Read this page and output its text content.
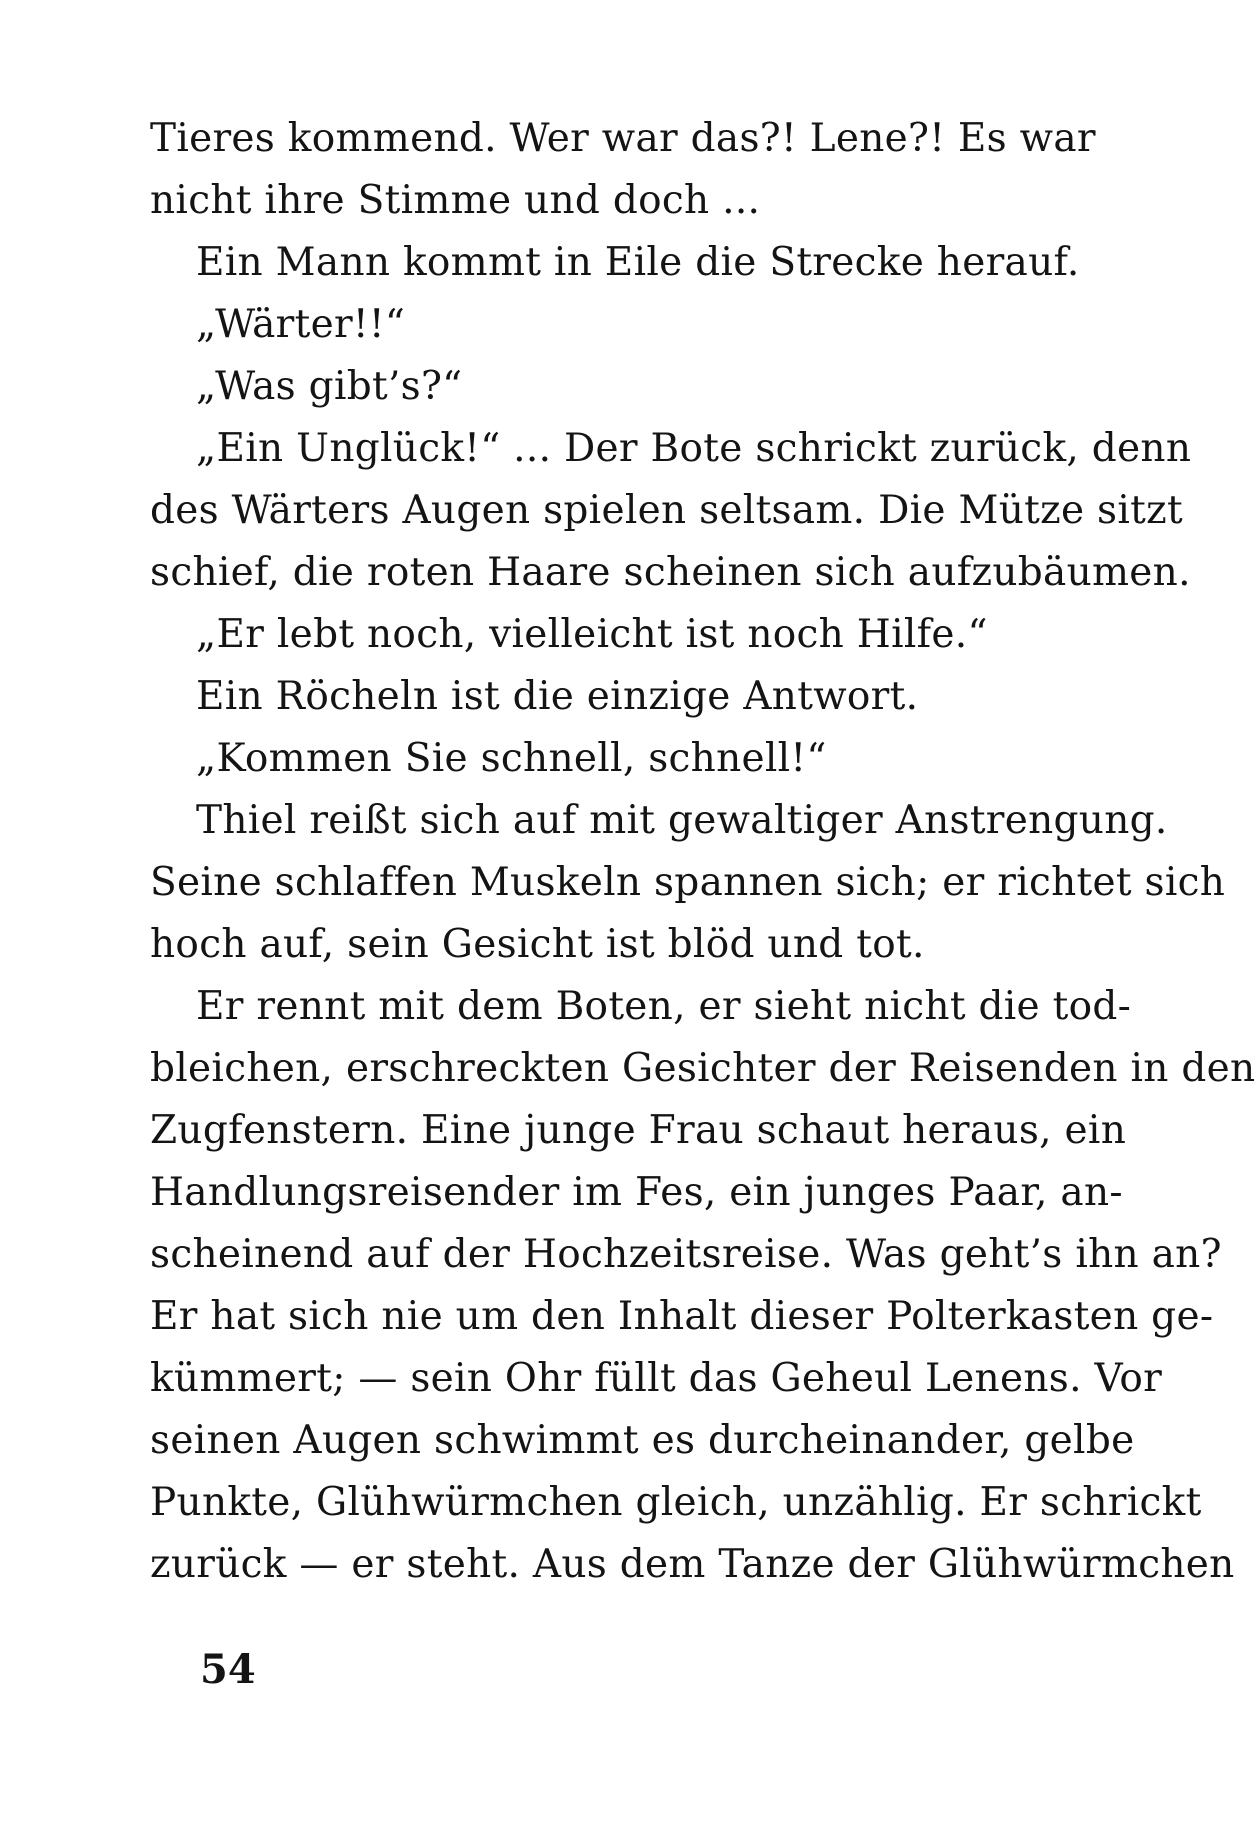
Tieres kommend. Wer war das?! Lene?! Es war
nicht ihre Stimme und doch ...
Ein Mann kommt in Eile die Strecke herauf.
„Wärter!!“
„Was gibt’s?“
„Ein Unglück!“ ... Der Bote schrickt zurück, denn
des Wärters Augen spielen seltsam. Die Mütze sitzt
schief, die roten Haare scheinen sich aufzubäumen.
„Er lebt noch, vielleicht ist noch Hilfe.“
Ein Röcheln ist die einzige Antwort.
„Kommen Sie schnell, schnell!“
Thiel reißt sich auf mit gewaltiger Anstrengung.
Seine schlaffen Muskeln spannen sich; er richtet sich
hoch auf, sein Gesicht ist blöd und tot.
Er rennt mit dem Boten, er sieht nicht die tod-
bleichen, erschreckten Gesichter der Reisenden in den
Zugfenstern. Eine junge Frau schaut heraus, ein
Handlungsreisender im Fes, ein junges Paar, an-
scheinend auf der Hochzeitsreise. Was geht’s ihn an?
Er hat sich nie um den Inhalt dieser Polterkasten ge-
kümmert; — sein Ohr füllt das Geheul Lenens. Vor
seinen Augen schwimmt es durcheinander, gelbe
Punkte, Glühwürmchen gleich, unzählig. Er schrickt
zurück — er steht. Aus dem Tanze der Glühwürmchen
54
